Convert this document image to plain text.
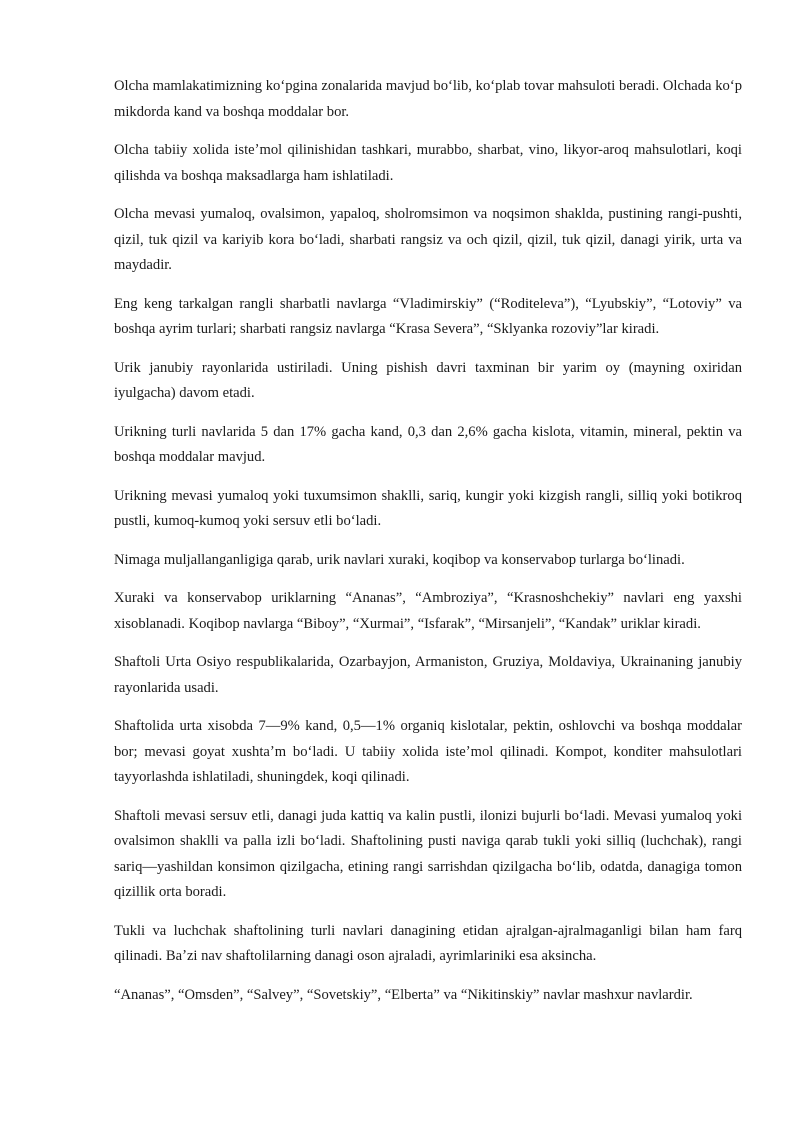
Olcha mamlakatimizning koʻpgina zonalarida mavjud boʻlib, koʻplab tovar mahsuloti beradi. Olchada koʻp mikdorda kand va boshqa moddalar bor.

Olcha tabiiy xolida isteʼmol qilinishidan tashkari, murabbo, sharbat, vino, likyor-aroq mahsulotlari, koqi qilishda va boshqa maksadlarga ham ishlatiladi.

Olcha mevasi yumaloq, ovalsimon, yapaloq, sholromsimon va noqsimon shaklda, pustining rangi-pushti, qizil, tuk qizil va kariyib kora boʻladi, sharbati rangsiz va och qizil, qizil, tuk qizil, danagi yirik, urta va maydadir.

Eng keng tarkalgan rangli sharbatli navlarga “Vladimirskiy” (“Roditeleva”), “Lyubskiy”, “Lotoviy” va boshqa ayrim turlari; sharbati rangsiz navlarga “Krasa Severa”, “Sklyanka rozoviy”lar kiradi.

Urik janubiy rayonlarida ustiriladi. Uning pishish davri taxminan bir yarim oy (mayning oxiridan iyulgacha) davom etadi.

Urikning turli navlarida 5 dan 17% gacha kand, 0,3 dan 2,6% gacha kislota, vitamin, mineral, pektin va boshqa moddalar mavjud.

Urikning mevasi yumaloq yoki tuxumsimon shaklli, sariq, kungir yoki kizgish rangli, silliq yoki botikroq pustli, kumoq-kumoq yoki sersuv etli boʻladi.

Nimaga muljallanganligiga qarab, urik navlari xuraki, koqibop va konservabop turlarga boʻlinadi.

Xuraki va konservabop uriklarning “Ananas”, “Ambroziya”, “Krasnoshchekiy” navlari eng yaxshi xisoblanadi. Koqibop navlarga “Biboy”, “Xurmai”, “Isfarak”, “Mirsanjeli”, “Kandak” uriklar kiradi.

Shaftoli Urta Osiyo respublikalarida, Ozarbayjon, Armaniston, Gruziya, Moldaviya, Ukrainaning janubiy rayonlarida usadi.

Shaftolida urta xisobda 7—9% kand, 0,5—1% organiq kislotalar, pektin, oshlovchi va boshqa moddalar bor; mevasi goyat xushtaʼm boʻladi. U tabiiy xolida isteʼmol qilinadi. Kompot, konditer mahsulotlari tayyorlashda ishlatiladi, shuningdek, koqi qilinadi.

Shaftoli mevasi sersuv etli, danagi juda kattiq va kalin pustli, ilonizi bujurli boʻladi. Mevasi yumaloq yoki ovalsimon shaklli va palla izli boʻladi. Shaftolining pusti naviga qarab tukli yoki silliq (luchchak), rangi sariq—yashildan konsimon qizilgacha, etining rangi sarrishdan qizilgacha boʻlib, odatda, danagiga tomon qizillik orta boradi.

Tukli va luchchak shaftolining turli navlari danagining etidan ajralgan-ajralmaganligi bilan ham farq qilinadi. Baʼzi nav shaftolilarning danagi oson ajraladi, ayrimlariniki esa aksincha.

“Ananas”, “Omsden”, “Salvey”, “Sovetskiy”, “Elberta” va “Nikitinskiy” navlar mashxur navlardir.
